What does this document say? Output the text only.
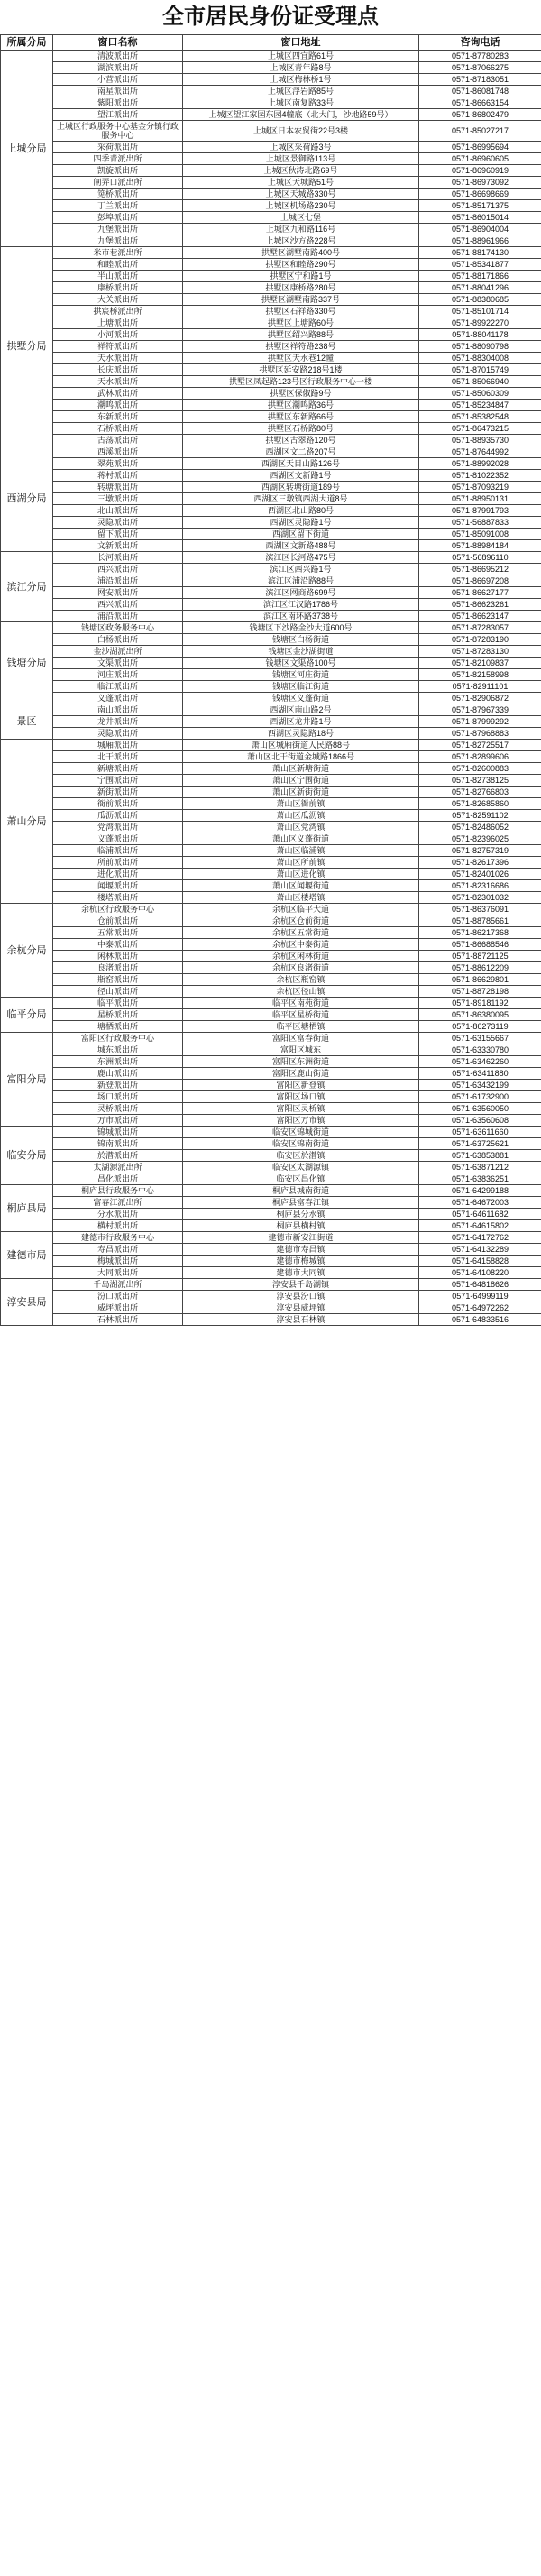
全市居民身份证受理点
所属分局	窗口名称	窗口地址	咨询电话
上城分局	清波派出所	上城区四宜路61号	0571-87780283
	湖滨派出所	上城区青年路8号	0571-87066275
	小营派出所	上城区梅林桥1号	0571-87183051
	南星派出所	上城区浮岩路85号	0571-86081748
	紫阳派出所	上城区南复路33号	0571-86663154
	望江派出所	上城区望江家园东园4幢底（北大门，沙地路59号）	0571-86802479
	上城区行政服务中心基金分镇行政服务中心	上城区日本农贸街22号3楼	0571-85027217
	采荷派出所	上城区采荷路3号	0571-86995694
	四季青派出所	上城区景御路113号	0571-86960605
	凯旋派出所	上城区秋涛北路69号	0571-86960919
	闸弄口派出所	上城区天城路51号	0571-86973092
	笕桥派出所	上城区天城路330号	0571-86698669
	丁兰派出所	上城区机场路230号	0571-85171375
	彭埠派出所	上城区七堡	0571-86015014
	九堡派出所	上城区九和路116号	0571-86904004
	九堡派出所	上城区沙方路228号	0571-88961966
拱墅分局	米市巷派出所	拱墅区湖墅南路400号	0571-88174130
	和睦派出所	拱墅区和睦路290号	0571-85341877
	半山派出所	拱墅区宁和路1号	0571-88171866
	康桥派出所	拱墅区康桥路280号	0571-88041296
	大关派出所	拱墅区湖墅南路337号	0571-88380685
	拱宸桥派出所	拱墅区石祥路330号	0571-85101714
	上塘派出所	拱墅区上塘路60号	0571-89922270
	小河派出所	拱墅区绍兴路88号	0571-88041178
	祥符派出所	拱墅区祥符路238号	0571-88090798
	天水派出所	拱墅区天水巷12幢	0571-88304008
	长庆派出所	拱墅区延安路218号1楼	0571-87015749
	天水派出所	拱墅区凤起路123号区行政服务中心一楼	0571-85066940
	武林派出所	拱墅区保俶路9号	0571-85060309
	潮鸣派出所	拱墅区潮鸣路36号	0571-85234847
	东新派出所	拱墅区东新路66号	0571-85382548
	石桥派出所	拱墅区石桥路80号	0571-86473215
	古荡派出所	拱墅区古翠路120号	0571-88935730
西湖分局	西溪派出所	西湖区文二路207号	0571-87644992
	翠苑派出所	西湖区天目山路126号	0571-88992028
	蒋村派出所	西湖区文新路1号	0571-81022352
	转塘派出所	西湖区转塘街道189号	0571-87093219
	三墩派出所	西湖区三墩镇西湖大道8号	0571-88950131
	北山派出所	西湖区北山路80号	0571-87991793
	灵隐派出所	西湖区灵隐路1号	0571-56887833
	留下派出所	西湖区留下街道	0571-85091008
	文新派出所	西湖区文新路488号	0571-88984184
滨江分局	长河派出所	滨江区长河路475号	0571-56896110
	西兴派出所	滨江区西兴路1号	0571-86695212
	浦沿派出所	滨江区浦沿路88号	0571-86697208
	网安派出所	滨江区网商路699号	0571-86627177
	西兴派出所	滨江区江汉路1786号	0571-86623261
	浦沿派出所	滨江区南环路3738号	0571-86623147
钱塘分局	钱塘区政务服务中心	钱塘区下沙路金沙大道600号	0571-87283057
	白杨派出所	钱塘区白杨街道	0571-87283190
	金沙湖派出所	钱塘区金沙湖街道	0571-87283130
	文渠派出所	钱塘区文渠路100号	0571-82109837
	河庄派出所	钱塘区河庄街道	0571-82158998
	临江派出所	钱塘区临江街道	0571-82911101
	义蓬派出所	钱塘区义蓬街道	0571-82906872
景区	南山派出所	西湖区南山路2号	0571-87967339
	龙井派出所	西湖区龙井路1号	0571-87999292
	灵隐派出所	西湖区灵隐路18号	0571-87968883
萧山分局	城厢派出所	萧山区城厢街道人民路88号	0571-82725517
	北干派出所	萧山区北干街道金城路1866号	0571-82899606
	新塘派出所	萧山区新塘街道	0571-82600883
	宁围派出所	萧山区宁围街道	0571-82738125
	新街派出所	萧山区新街街道	0571-82766803
	衙前派出所	萧山区衙前镇	0571-82685860
	瓜沥派出所	萧山区瓜沥镇	0571-82591102
	党湾派出所	萧山区党湾镇	0571-82486052
	义蓬派出所	萧山区义蓬街道	0571-82396025
	临浦派出所	萧山区临浦镇	0571-82757319
	所前派出所	萧山区所前镇	0571-82617396
	进化派出所	萧山区进化镇	0571-82401026
	闻堰派出所	萧山区闻堰街道	0571-82316686
	楼塔派出所	萧山区楼塔镇	0571-82301032
余杭分局	余杭区行政服务中心	余杭区临平大道	0571-86376091
	仓前派出所	余杭区仓前街道	0571-88785661
	五常派出所	余杭区五常街道	0571-86217368
	中泰派出所	余杭区中泰街道	0571-86688546
	闲林派出所	余杭区闲林街道	0571-88721125
	良渚派出所	余杭区良渚街道	0571-88612209
	瓶窑派出所	余杭区瓶窑镇	0571-86629801
	径山派出所	余杭区径山镇	0571-88728198
临平分局	临平派出所	临平区南苑街道	0571-89181192
	星桥派出所	临平区星桥街道	0571-86380095
	塘栖派出所	临平区塘栖镇	0571-86273119
富阳分局	富阳区行政服务中心	富阳区富春街道	0571-63155667
	城东派出所	富阳区城东	0571-63330780
	东洲派出所	富阳区东洲街道	0571-63462260
	鹿山派出所	富阳区鹿山街道	0571-63411880
	新登派出所	富阳区新登镇	0571-63432199
	场口派出所	富阳区场口镇	0571-61732900
	灵桥派出所	富阳区灵桥镇	0571-63560050
	万市派出所	富阳区万市镇	0571-63560608
临安分局	锦城派出所	临安区锦城街道	0571-63611660
	锦南派出所	临安区锦南街道	0571-63725621
	於潜派出所	临安区於潜镇	0571-63853881
	太湖源派出所	临安区太湖源镇	0571-63871212
	昌化派出所	临安区昌化镇	0571-63836251
桐庐县局	桐庐县行政服务中心	桐庐县城南街道	0571-64299188
	富春江派出所	桐庐县富春江镇	0571-64672003
	分水派出所	桐庐县分水镇	0571-64611682
	横村派出所	桐庐县横村镇	0571-64615802
建德市局	建德市行政服务中心	建德市新安江街道	0571-64172762
	寿昌派出所	建德市寿昌镇	0571-64132289
	梅城派出所	建德市梅城镇	0571-64158828
	大同派出所	建德市大同镇	0571-64108220
淳安县局	千岛湖派出所	淳安县千岛湖镇	0571-64818626
	汾口派出所	淳安县汾口镇	0571-64999119
	威坪派出所	淳安县威坪镇	0571-64972262
	石林派出所	淳安县石林镇	0571-64833516
